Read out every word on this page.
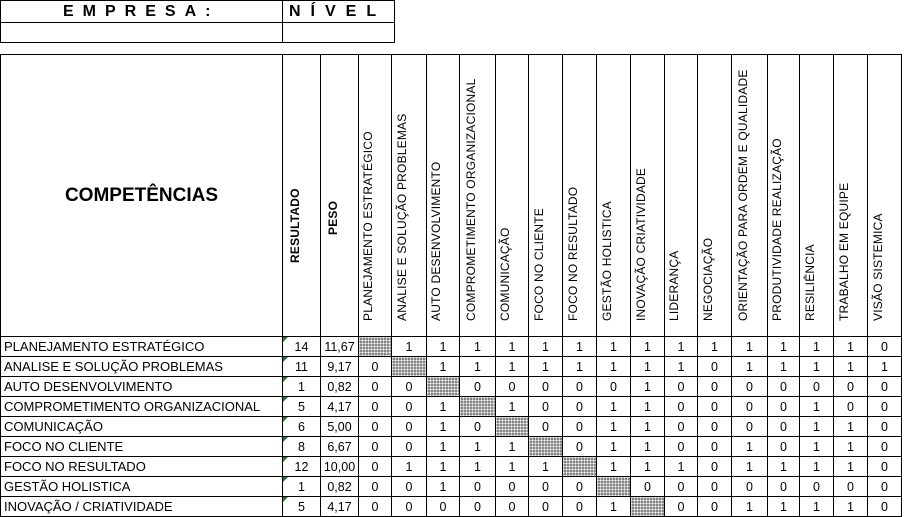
EMPRESA:	NÍVEL
COMPETÊNCIAS	RESULTADO	PESO	PLANEJAMENTO ESTRATÉGICO	ANALISE E SOLUÇÃO PROBLEMAS	AUTO DESENVOLVIMENTO	COMPROMETIMENTO ORGANIZACIONAL	COMUNICAÇÃO	FOCO NO CLIENTE	FOCO NO RESULTADO	GESTÃO HOLISTICA	INOVAÇÃO CRIATIVIDADE	LIDERANÇA	NEGOCIAÇÃO	ORIENTAÇÃO PARA ORDEM E QUALIDADE	PRODUTIVIDADE REALIZAÇÃO	RESILIÊNCIA	TRABALHO EM EQUIPE	VISÃO SISTEMICA

PLANEJAMENTO ESTRATÉGICO	14	11,67		1	1	1	1	1	1	1	1	1	1	1	1	1	1	0
ANALISE E SOLUÇÃO PROBLEMAS	11	9,17	0		1	1	1	1	1	1	1	1	0	1	1	1	1	1
AUTO DESENVOLVIMENTO	1	0,82	0	0		0	0	0	0	0	1	0	0	0	0	0	0	0
COMPROMETIMENTO ORGANIZACIONAL	5	4,17	0	0	1		1	0	0	1	1	0	0	0	0	1	0	0
COMUNICAÇÃO	6	5,00	0	0	1	0		0	0	1	1	0	0	0	0	1	1	0
FOCO NO CLIENTE	8	6,67	0	0	1	1	1		0	1	1	0	0	1	0	1	1	0
FOCO NO RESULTADO	12	10,00	0	1	1	1	1	1		1	1	1	0	1	1	1	1	0
GESTÃO HOLISTICA	1	0,82	0	0	1	0	0	0	0		0	0	0	0	0	0	0	0
INOVAÇÃO / CRIATIVIDADE	5	4,17	0	0	0	0	0	0	0	1		0	0	1	1	1	1	0
